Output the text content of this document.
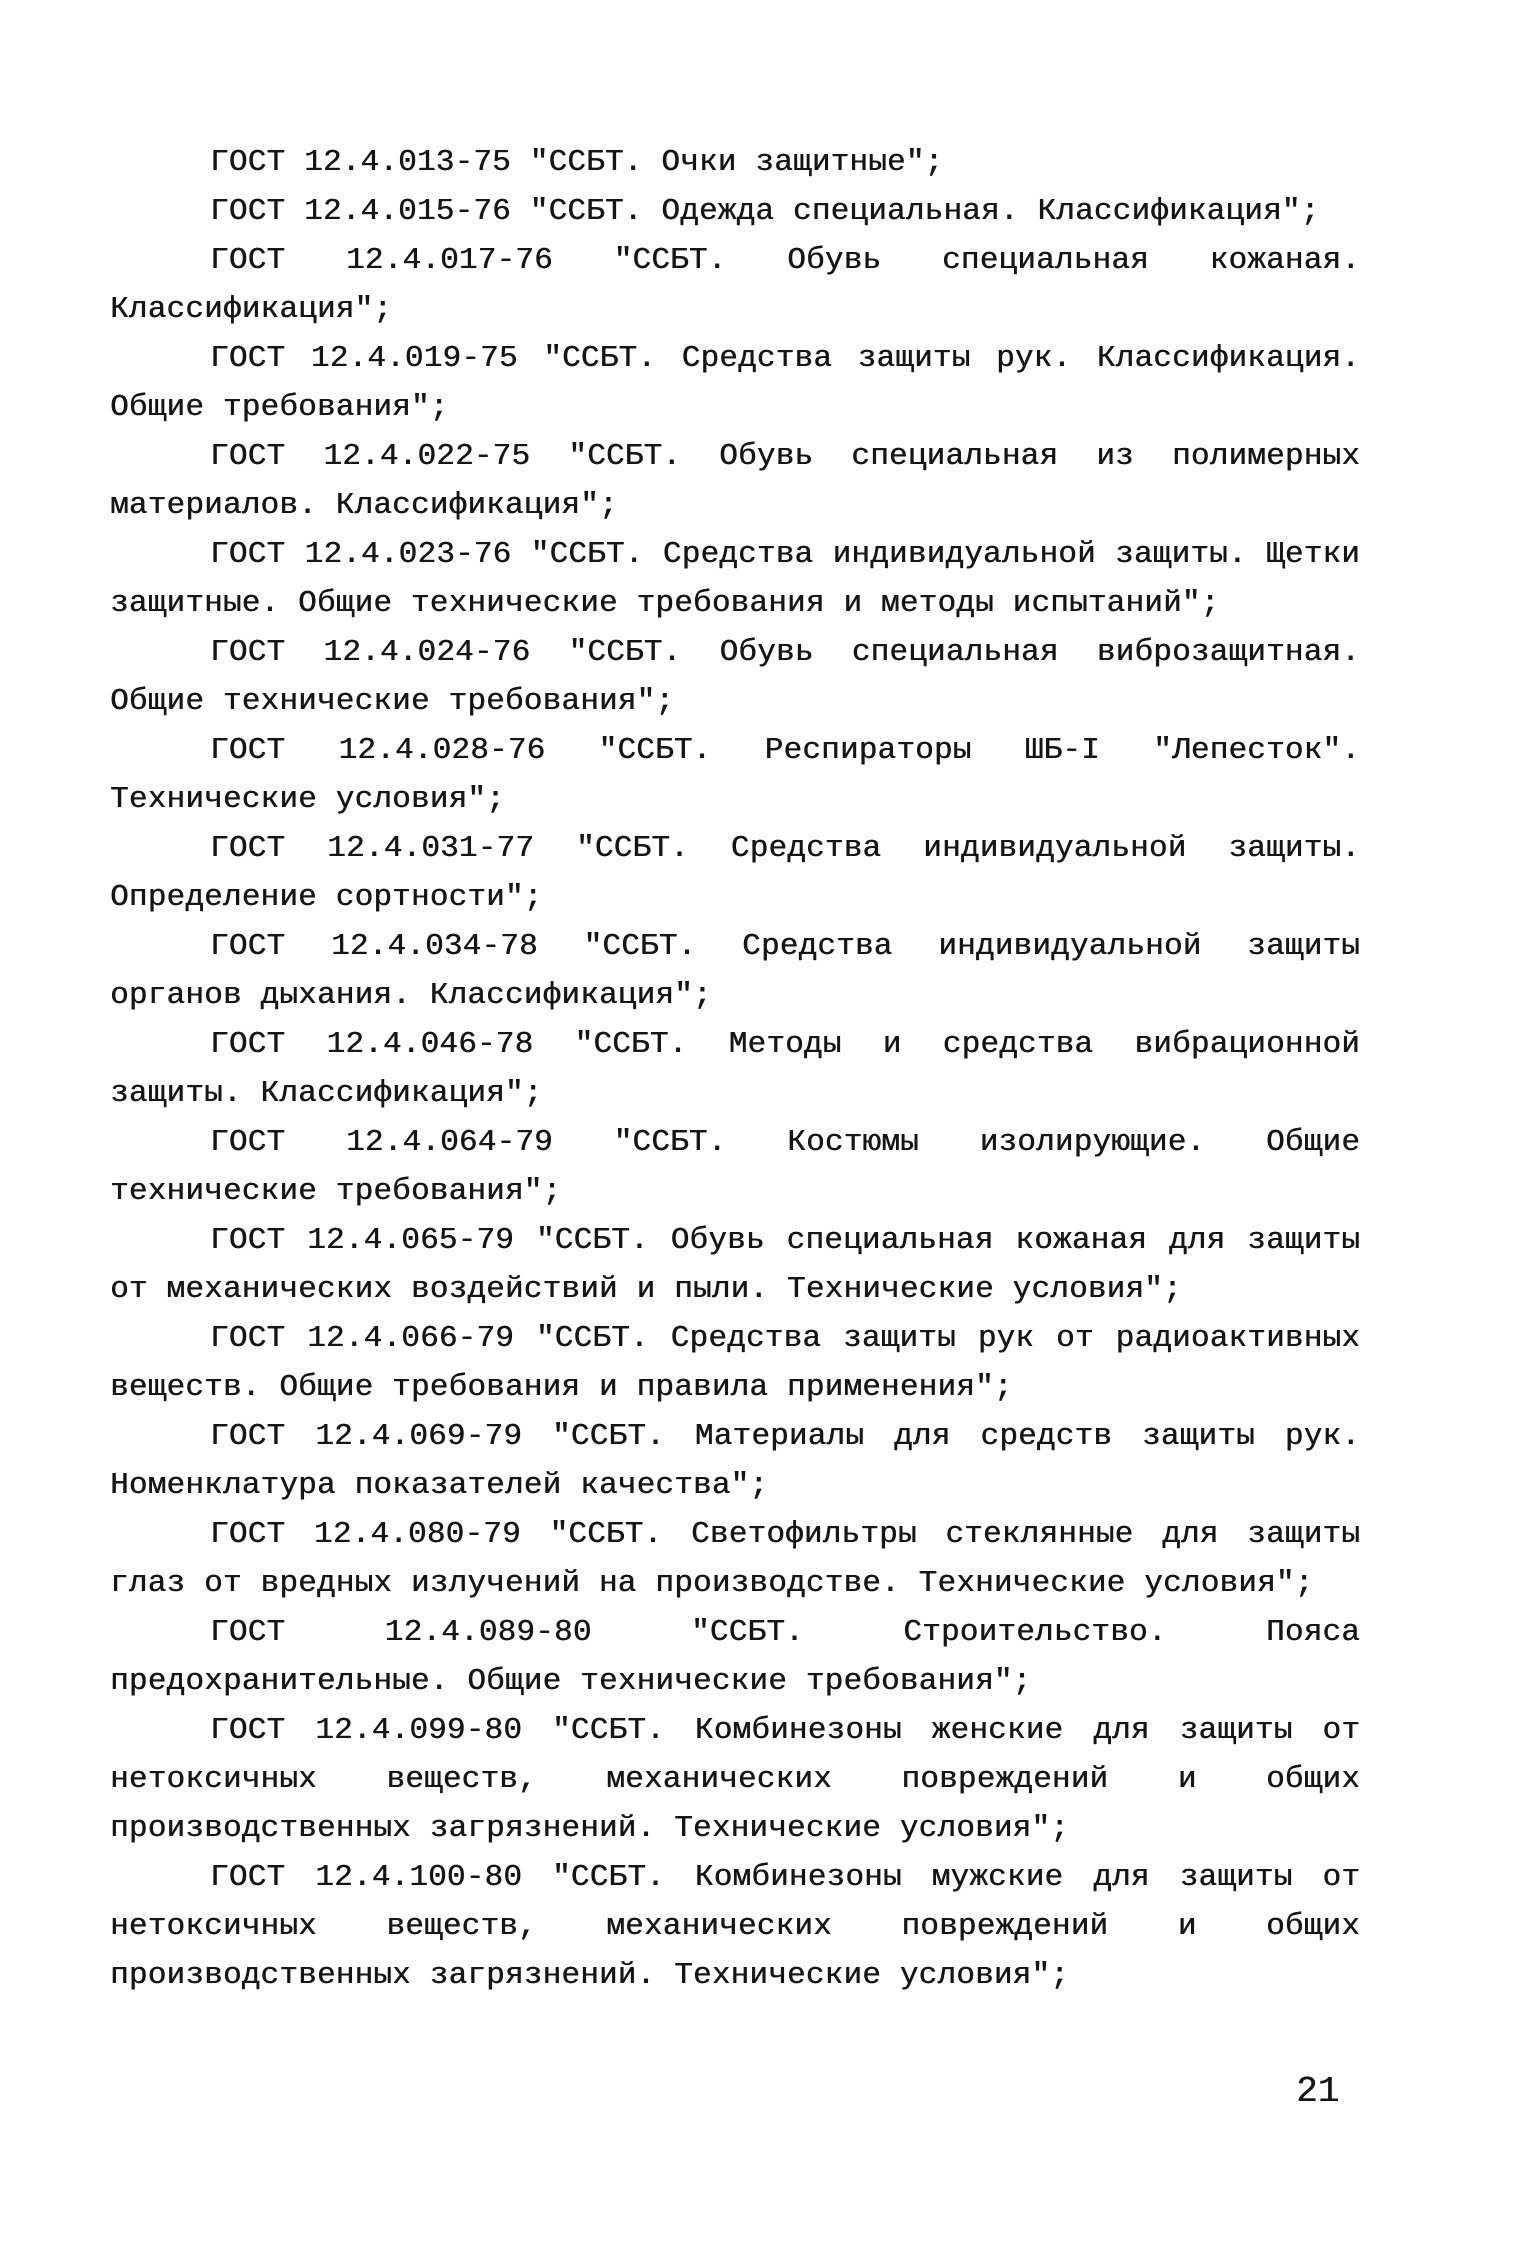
ГОСТ 12.4.013-75 "ССБТ. Очки защитные";

ГОСТ 12.4.015-76 "ССБТ. Одежда специальная. Классификация";

ГОСТ 12.4.017-76 "ССБТ. Обувь специальная кожаная. Классификация";

ГОСТ 12.4.019-75 "ССБТ. Средства защиты рук. Классификация. Общие требования";

ГОСТ 12.4.022-75 "ССБТ. Обувь специальная из полимерных материалов. Классификация";

ГОСТ 12.4.023-76 "ССБТ. Средства индивидуальной защиты. Щетки защитные. Общие технические требования и методы испытаний";

ГОСТ 12.4.024-76 "ССБТ. Обувь специальная виброзащитная. Общие технические требования";

ГОСТ 12.4.028-76 "ССБТ. Респираторы ШБ-I "Лепесток". Технические условия";

ГОСТ 12.4.031-77 "ССБТ. Средства индивидуальной защиты. Определение сортности";

ГОСТ 12.4.034-78 "ССБТ. Средства индивидуальной защиты органов дыхания. Классификация";

ГОСТ 12.4.046-78 "ССБТ. Методы и средства вибрационной защиты. Классификация";

ГОСТ 12.4.064-79 "ССБТ. Костюмы изолирующие. Общие технические требования";

ГОСТ 12.4.065-79 "ССБТ. Обувь специальная кожаная для защиты от механических воздействий и пыли. Технические условия";

ГОСТ 12.4.066-79 "ССБТ. Средства защиты рук от радиоактивных веществ. Общие требования и правила применения";

ГОСТ 12.4.069-79 "ССБТ. Материалы для средств защиты рук. Номенклатура показателей качества";

ГОСТ 12.4.080-79 "ССБТ. Светофильтры стеклянные для защиты глаз от вредных излучений на производстве. Технические условия";

ГОСТ 12.4.089-80 "ССБТ. Строительство. Пояса предохранительные. Общие технические требования";

ГОСТ 12.4.099-80 "ССБТ. Комбинезоны женские для защиты от нетоксичных веществ, механических повреждений и общих производственных загрязнений. Технические условия";

ГОСТ 12.4.100-80 "ССБТ. Комбинезоны мужские для защиты от нетоксичных веществ, механических повреждений и общих производственных загрязнений. Технические условия";

21
